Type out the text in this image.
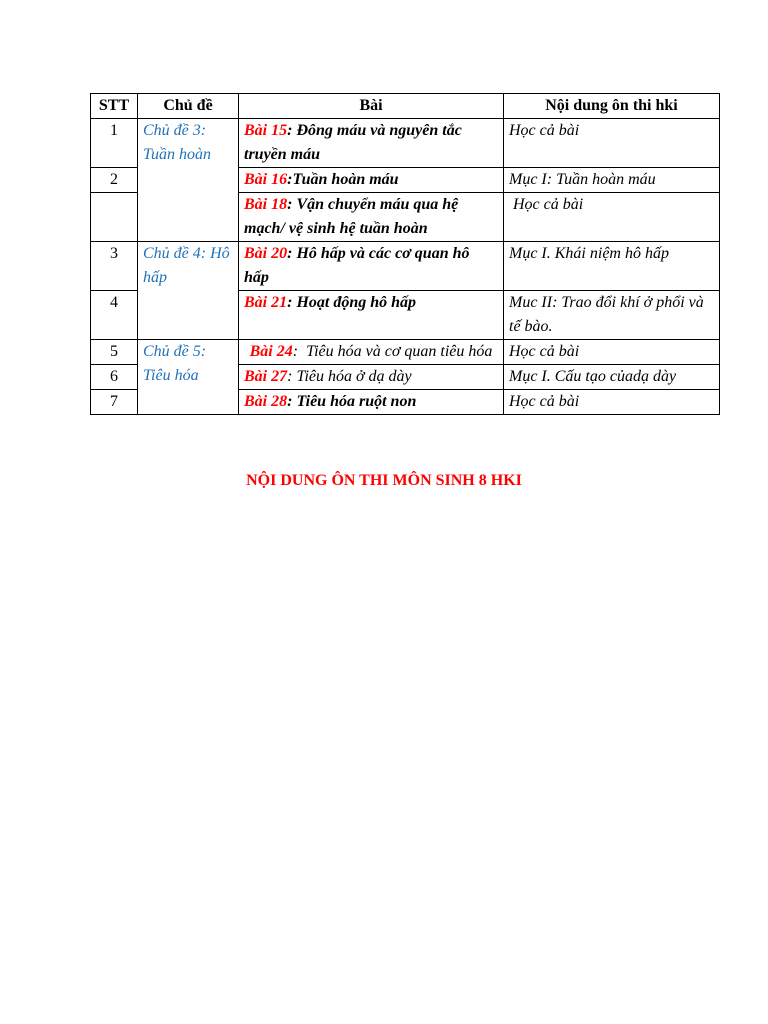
STT	Chủ đề	Bài	Nội dung ôn thi hki
1	Chủ đề 3: Tuần hoàn	Bài 15: Đông máu và nguyên tắc truyền máu	Học cả bài
2		Bài 16:Tuần hoàn máu	Mục I: Tuần hoàn máu
		Bài 18: Vận chuyển máu qua hệ mạch/ vệ sinh hệ tuần hoàn	Học cả bài
3	Chủ đề 4: Hô hấp	Bài 20: Hô hấp và các cơ quan hô hấp	Mục I. Khái niệm hô hấp
4		Bài 21: Hoạt động hô hấp	Muc II: Trao đổi khí ở phổi và tế bào.
5	Chủ đề 5: Tiêu hóa	Bài 24:  Tiêu hóa và cơ quan tiêu hóa	Học cả bài
6		Bài 27: Tiêu hóa ở dạ dày	Mục I. Cấu tạo củadạ dày
7		Bài 28: Tiêu hóa ruột non	Học cả bài
NỘI DUNG ÔN THI MÔN SINH 8 HKI
